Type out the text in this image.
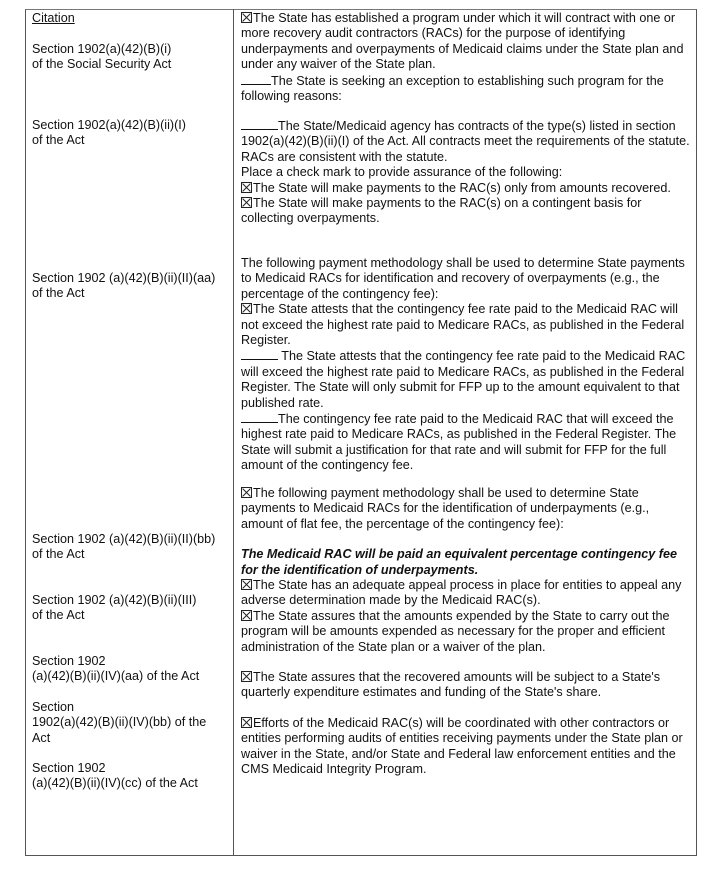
Citation

Section 1902(a)(42)(B)(i)

of the Social Security Act

Section 1902(a)(42)(B)(ii)(I)

of the Act

Section 1902 (a)(42)(B)(ii)(II)(aa)

of the Act

Section 1902 (a)(42)(B)(ii)(II)(bb)

of the Act

Section 1902 (a)(42)(B)(ii)(III)

of the Act

Section 1902

(a)(42)(B)(ii)(IV)(aa) of the Act

Section

1902(a)(42)(B)(ii)(IV)(bb) of the

Act

Section 1902

(a)(42)(B)(ii)(IV)(cc) of the Act

The State has established a program under which it will contract with one or more recovery audit contractors (RACs) for the purpose of identifying underpayments and overpayments of Medicaid claims under the State plan and under any waiver of the State plan.

The State is seeking an exception to establishing such program for the following reasons:

The State/Medicaid agency has contracts of the type(s) listed in section 1902(a)(42)(B)(ii)(I) of the Act. All contracts meet the requirements of the statute. RACs are consistent with the statute.

Place a check mark to provide assurance of the following:

The State will make payments to the RAC(s) only from amounts recovered.

The State will make payments to the RAC(s) on a contingent basis for collecting overpayments.

The following payment methodology shall be used to determine State payments to Medicaid RACs for identification and recovery of overpayments (e.g., the percentage of the contingency fee):

The State attests that the contingency fee rate paid to the Medicaid RAC will not exceed the highest rate paid to Medicare RACs, as published in the Federal Register.

The State attests that the contingency fee rate paid to the Medicaid RAC will exceed the highest rate paid to Medicare RACs, as published in the Federal Register. The State will only submit for FFP up to the amount equivalent to that published rate.

The contingency fee rate paid to the Medicaid RAC that will exceed the highest rate paid to Medicare RACs, as published in the Federal Register. The State will submit a justification for that rate and will submit for FFP for the full amount of the contingency fee.

The following payment methodology shall be used to determine State payments to Medicaid RACs for the identification of underpayments (e.g., amount of flat fee, the percentage of the contingency fee):

The Medicaid RAC will be paid an equivalent percentage contingency fee for the identification of underpayments.

The State has an adequate appeal process in place for entities to appeal any adverse determination made by the Medicaid RAC(s).

The State assures that the amounts expended by the State to carry out the program will be amounts expended as necessary for the proper and efficient administration of the State plan or a waiver of the plan.

The State assures that the recovered amounts will be subject to a State's quarterly expenditure estimates and funding of the State's share.

Efforts of the Medicaid RAC(s) will be coordinated with other contractors or entities performing audits of entities receiving payments under the State plan or waiver in the State, and/or State and Federal law enforcement entities and the CMS Medicaid Integrity Program.
